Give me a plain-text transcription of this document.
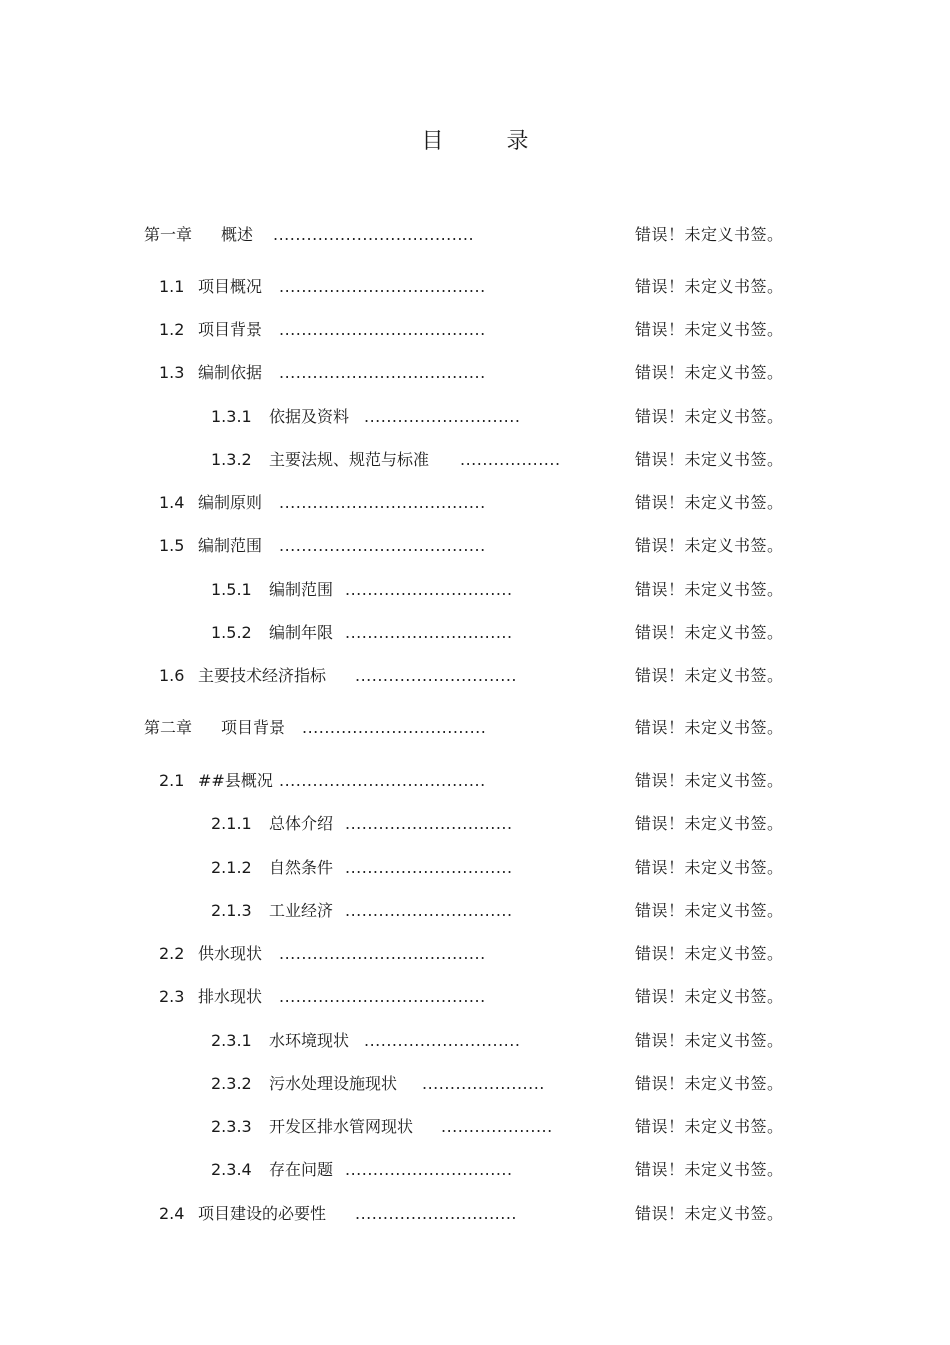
目 录
第一章 概述 ....................................	错误！未定义书签。
1.1 项目概况 .....................................	错误！未定义书签。
1.2 项目背景 .....................................	错误！未定义书签。
1.3 编制依据 .....................................	错误！未定义书签。
1.3.1 依据及资料 ............................	错误！未定义书签。
1.3.2 主要法规、规范与标准 ..................	错误！未定义书签。
1.4 编制原则 .....................................	错误！未定义书签。
1.5 编制范围 .....................................	错误！未定义书签。
1.5.1 编制范围 ..............................	错误！未定义书签。
1.5.2 编制年限 ..............................	错误！未定义书签。
1.6 主要技术经济指标 .............................	错误！未定义书签。
第二章 项目背景 .................................	错误！未定义书签。
2.1 ##县概况 .....................................	错误！未定义书签。
2.1.1 总体介绍 ..............................	错误！未定义书签。
2.1.2 自然条件 ..............................	错误！未定义书签。
2.1.3 工业经济 ..............................	错误！未定义书签。
2.2 供水现状 .....................................	错误！未定义书签。
2.3 排水现状 .....................................	错误！未定义书签。
2.3.1 水环境现状 ............................	错误！未定义书签。
2.3.2 污水处理设施现状 ......................	错误！未定义书签。
2.3.3 开发区排水管网现状 ....................	错误！未定义书签。
2.3.4 存在问题 ..............................	错误！未定义书签。
2.4 项目建设的必要性 .............................	错误！未定义书签。
